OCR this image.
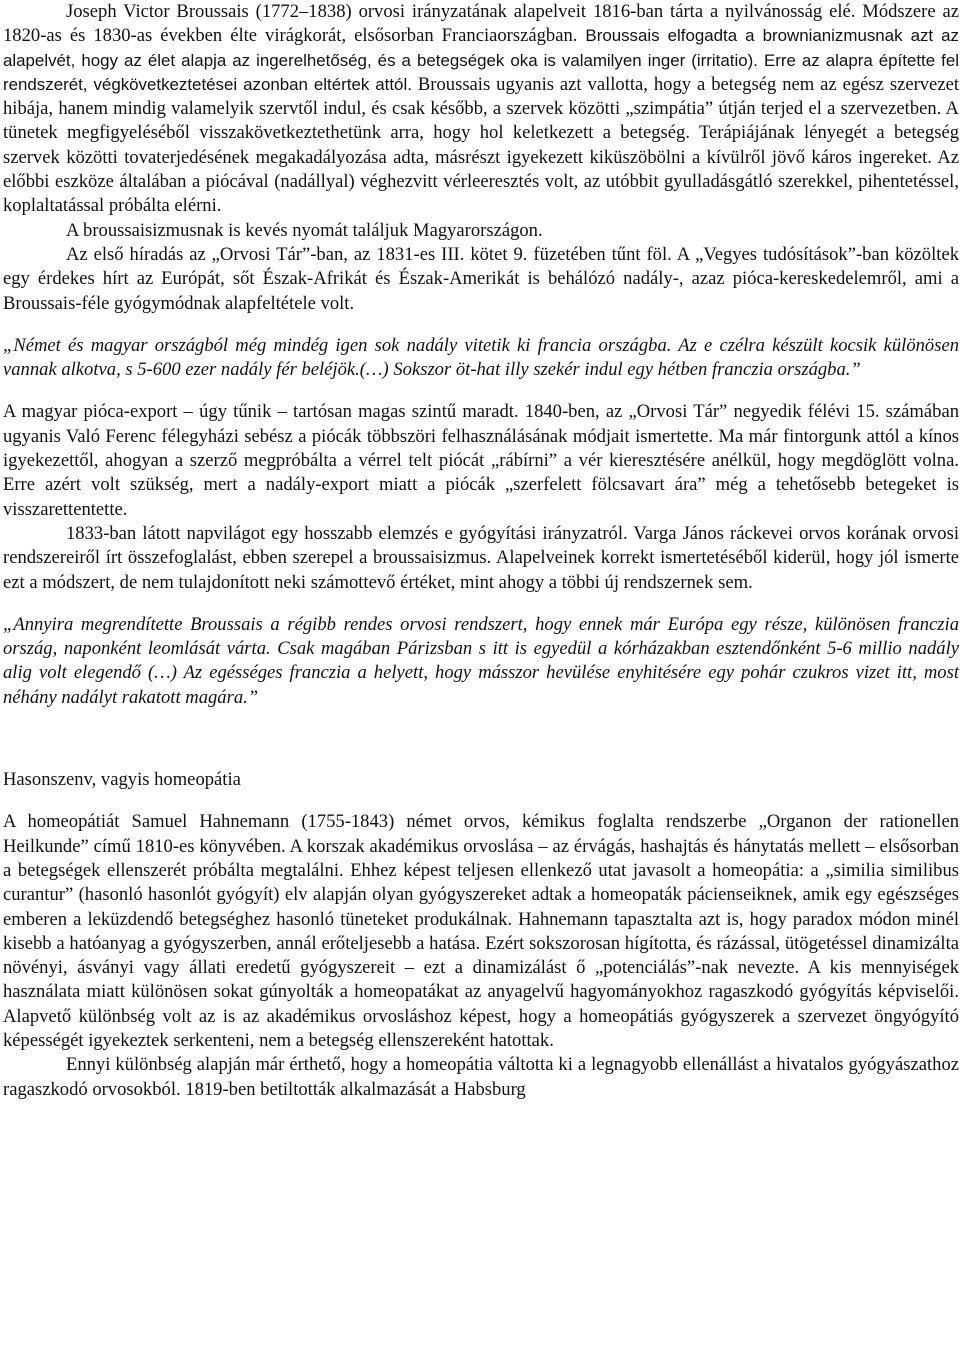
Joseph Victor Broussais (1772–1838) orvosi irányzatának alapelveit 1816-ban tárta a nyilvánosság elé. Módszere az 1820-as és 1830-as években élte virágkorát, elsősorban Franciaországban. Broussais elfogadta a brownianizmusnak azt az alapelvét, hogy az élet alapja az ingerelhetőség, és a betegségek oka is valamilyen inger (irritatio). Erre az alapra építette fel rendszerét, végkövetkeztetései azonban eltértek attól. Broussais ugyanis azt vallotta, hogy a betegség nem az egész szervezet hibája, hanem mindig valamelyik szervtől indul, és csak később, a szervek közötti „szimpátia” útján terjed el a szervezetben. A tünetek megfigyeléséből visszakövetkeztethetünk arra, hogy hol keletkezett a betegség. Terápiájának lényegét a betegség szervek közötti tovaterjedésének megakadályozása adta, másrészt igyekezett kiküszöbölni a kívülről jövő káros ingereket. Az előbbi eszköze általában a piócával (nadállyal) véghezvitt vérleeresztés volt, az utóbbit gyulladásgátló szerekkel, pihentetéssel, koplaltatással próbálta elérni.

A broussaisizmusnak is kevés nyomát találjuk Magyarországon.

Az első híradás az „Orvosi Tár”-ban, az 1831-es III. kötet 9. füzetében tűnt föl. A „Vegyes tudósítások”-ban közöltek egy érdekes hírt az Európát, sőt Észak-Afrikát és Észak-Amerikát is behálózó nadály-, azaz pióca-kereskedelemről, ami a Broussais-féle gyógymódnak alapfeltétele volt.

„Német és magyar országból még mindég igen sok nadály vitetik ki francia országba. Az e czélra készült kocsik különösen vannak alkotva, s 5-600 ezer nadály fér beléjök.(…) Sokszor öt-hat illy szekér indul egy hétben franczia országba.”

A magyar pióca-export – úgy tűnik – tartósan magas szintű maradt. 1840-ben, az „Orvosi Tár” negyedik félévi 15. számában ugyanis Való Ferenc félegyházi sebész a piócák többszöri felhasználásának módjait ismertette. Ma már fintorgunk attól a kínos igyekezettől, ahogyan a szerző megpróbálta a vérrel telt piócát „rábírni” a vér kieresztésére anélkül, hogy megdöglött volna. Erre azért volt szükség, mert a nadály-export miatt a piócák „szerfelett fölcsavart ára” még a tehetősebb betegeket is visszarettentette.

1833-ban látott napvilágot egy hosszabb elemzés e gyógyítási irányzatról. Varga János ráckevei orvos korának orvosi rendszereiről írt összefoglalást, ebben szerepel a broussaisizmus. Alapelveinek korrekt ismertetéséből kiderül, hogy jól ismerte ezt a módszert, de nem tulajdonított neki számottevő értéket, mint ahogy a többi új rendszernek sem.

„Annyira megrendítette Broussais a régibb rendes orvosi rendszert, hogy ennek már Európa egy része, különösen franczia ország, naponként leomlását várta. Csak magában Párizsban s itt is egyedül a kórházakban esztendőnként 5-6 millio nadály alig volt elegendő (…) Az egésséges franczia a helyett, hogy másszor hevülése enyhitésére egy pohár czukros vizet itt, most néhány nadályt rakatott magára.”

Hasonszenv, vagyis homeopátia

A homeopátiát Samuel Hahnemann (1755-1843) német orvos, kémikus foglalta rendszerbe „Organon der rationellen Heilkunde” című 1810-es könyvében. A korszak akadémikus orvoslása – az érvágás, hashajtás és hánytatás mellett – elsősorban a betegségek ellenszerét próbálta megtalálni. Ehhez képest teljesen ellenkező utat javasolt a homeopátia: a „similia similibus curantur” (hasonló hasonlót gyógyít) elv alapján olyan gyógyszereket adtak a homeopaták pácienseiknek, amik egy egészséges emberen a leküzdendő betegséghez hasonló tüneteket produkálnak. Hahnemann tapasztalta azt is, hogy paradox módon minél kisebb a hatóanyag a gyógyszerben, annál erőteljesebb a hatása. Ezért sokszorosan hígította, és rázással, ütögetéssel dinamizálta növényi, ásványi vagy állati eredetű gyógyszereit – ezt a dinamizálást ő „potenciálás”-nak nevezte. A kis mennyiségek használata miatt különösen sokat gúnyolták a homeopatákat az anyagelvű hagyományokhoz ragaszkodó gyógyítás képviselői. Alapvető különbség volt az is az akadémikus orvosláshoz képest, hogy a homeopátiás gyógyszerek a szervezet öngyógyító képességét igyekeztek serkenteni, nem a betegség ellenszereként hatottak.

Ennyi különbség alapján már érthető, hogy a homeopátia váltotta ki a legnagyobb ellenállást a hivatalos gyógyászathoz ragaszkodó orvosokból. 1819-ben betiltották alkalmazását a Habsburg
